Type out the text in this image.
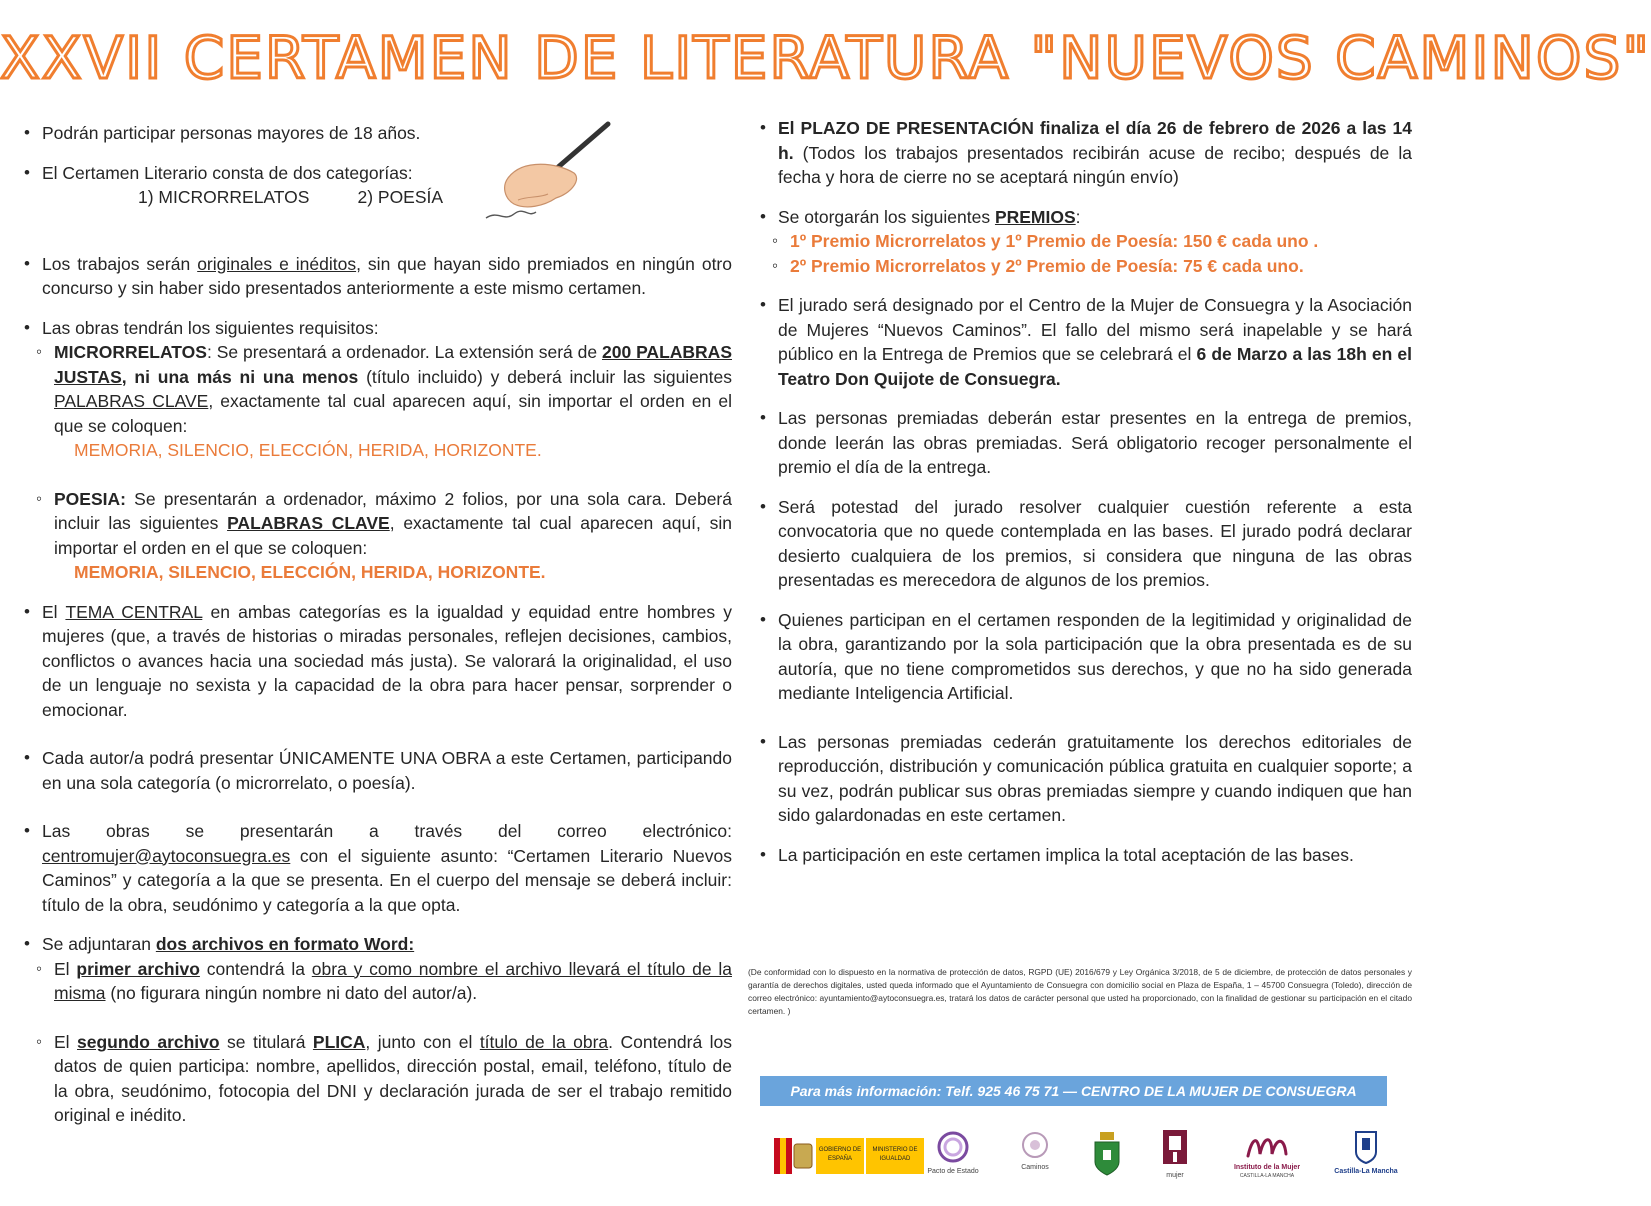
XXVII CERTAMEN DE LITERATURA "NUEVOS CAMINOS"
• Podrán participar personas mayores de 18 años.
• El Certamen Literario consta de dos categorías:
1) MICRORRELATOS	2) POESÍA
• Los trabajos serán originales e inéditos, sin que hayan sido premiados en ningún otro concurso y sin haber sido presentados anteriormente a este mismo certamen.
• Las obras tendrán los siguientes requisitos:
◦ MICRORRELATOS: Se presentará a ordenador. La extensión será de 200 PALABRAS JUSTAS, ni una más ni una menos (título incluido) y deberá incluir las siguientes PALABRAS CLAVE, exactamente tal cual aparecen aquí, sin importar el orden en el que se coloquen:
MEMORIA, SILENCIO, ELECCIÓN, HERIDA, HORIZONTE.
◦ POESIA: Se presentarán a ordenador, máximo 2 folios, por una sola cara. Deberá incluir las siguientes PALABRAS CLAVE, exactamente tal cual aparecen aquí, sin importar el orden en el que se coloquen:
MEMORIA, SILENCIO, ELECCIÓN, HERIDA, HORIZONTE.
• El TEMA CENTRAL en ambas categorías es la igualdad y equidad entre hombres y mujeres (que, a través de historias o miradas personales, reflejen decisiones, cambios, conflictos o avances hacia una sociedad más justa). Se valorará la originalidad, el uso de un lenguaje no sexista y la capacidad de la obra para hacer pensar, sorprender o emocionar.
• Cada autor/a podrá presentar ÚNICAMENTE UNA OBRA a este Certamen, participando en una sola categoría (o microrrelato, o poesía).
• Las obras se presentarán a través del correo electrónico: centromujer@aytoconsuegra.es con el siguiente asunto: “Certamen Literario Nuevos Caminos” y categoría a la que se presenta. En el cuerpo del mensaje se deberá incluir: título de la obra, seudónimo y categoría a la que opta.
• Se adjuntaran dos archivos en formato Word:
◦ El primer archivo contendrá la obra y como nombre el archivo llevará el título de la misma (no figurara ningún nombre ni dato del autor/a).
◦ El segundo archivo se titulará PLICA, junto con el título de la obra. Contendrá los datos de quien participa: nombre, apellidos, dirección postal, email, teléfono, título de la obra, seudónimo, fotocopia del DNI y declaración jurada de ser el trabajo remitido original e inédito.
• El PLAZO DE PRESENTACIÓN finaliza el día 26 de febrero de 2026 a las 14 h. (Todos los trabajos presentados recibirán acuse de recibo; después de la fecha y hora de cierre no se aceptará ningún envío)
• Se otorgarán los siguientes PREMIOS:
◦ 1º Premio Microrrelatos y 1º Premio de Poesía: 150 € cada uno .
◦ 2º Premio Microrrelatos y 2º Premio de Poesía: 75 € cada uno.
• El jurado será designado por el Centro de la Mujer de Consuegra y la Asociación de Mujeres “Nuevos Caminos”. El fallo del mismo será inapelable y se hará público en la Entrega de Premios que se celebrará el 6 de Marzo a las 18h en el Teatro Don Quijote de Consuegra.
• Las personas premiadas deberán estar presentes en la entrega de premios, donde leerán las obras premiadas. Será obligatorio recoger personalmente el premio el día de la entrega.
• Será potestad del jurado resolver cualquier cuestión referente a esta convocatoria que no quede contemplada en las bases. El jurado podrá declarar desierto cualquiera de los premios, si considera que ninguna de las obras presentadas es merecedora de algunos de los premios.
• Quienes participan en el certamen responden de la legitimidad y originalidad de la obra, garantizando por la sola participación que la obra presentada es de su autoría, que no tiene comprometidos sus derechos, y que no ha sido generada mediante Inteligencia Artificial.
• Las personas premiadas cederán gratuitamente los derechos editoriales de reproducción, distribución y comunicación pública gratuita en cualquier soporte; a su vez, podrán publicar sus obras premiadas siempre y cuando indiquen que han sido galardonadas en este certamen.
• La participación en este certamen implica la total aceptación de las bases.
(De conformidad con lo dispuesto en la normativa de protección de datos, RGPD (UE) 2016/679 y Ley Orgánica 3/2018, de 5 de diciembre, de protección de datos personales y garantía de derechos digitales, usted queda informado que el Ayuntamiento de Consuegra con domicilio social en Plaza de España, 1 – 45700 Consuegra (Toledo), dirección de correo electrónico: ayuntamiento@aytoconsuegra.es, tratará los datos de carácter personal que usted ha proporcionado, con la finalidad de gestionar su participación en el citado certamen. )
Para más información: Telf. 925 46 75 71 — CENTRO DE LA MUJER DE CONSUEGRA
GOBIERNO DE ESPAÑA
MINISTERIO DE IGUALDAD
Pacto de Estado
Caminos
mujer
Instituto de la Mujer
CASTILLA-LA MANCHA
Castilla-La Mancha
